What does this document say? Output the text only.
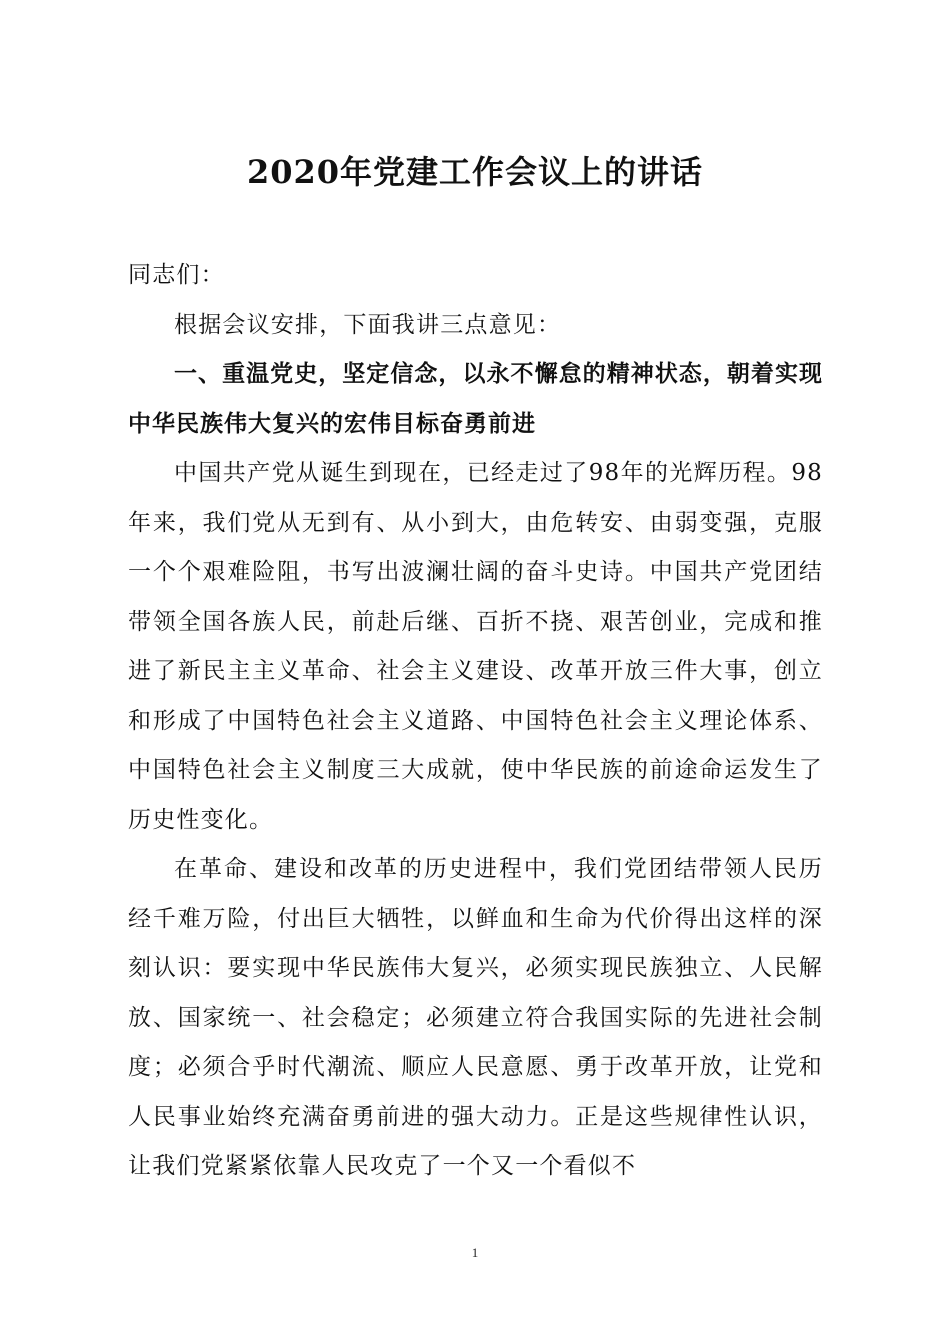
2020年党建工作会议上的讲话

同志们：

根据会议安排，下面我讲三点意见：

一、重温党史，坚定信念，以永不懈怠的精神状态，朝着实现中华民族伟大复兴的宏伟目标奋勇前进

中国共产党从诞生到现在，已经走过了98年的光辉历程。98年来，我们党从无到有、从小到大，由危转安、由弱变强，克服一个个艰难险阻，书写出波澜壮阔的奋斗史诗。中国共产党团结带领全国各族人民，前赴后继、百折不挠、艰苦创业，完成和推进了新民主主义革命、社会主义建设、改革开放三件大事，创立和形成了中国特色社会主义道路、中国特色社会主义理论体系、中国特色社会主义制度三大成就，使中华民族的前途命运发生了历史性变化。

在革命、建设和改革的历史进程中，我们党团结带领人民历经千难万险，付出巨大牺牲，以鲜血和生命为代价得出这样的深刻认识：要实现中华民族伟大复兴，必须实现民族独立、人民解放、国家统一、社会稳定；必须建立符合我国实际的先进社会制度；必须合乎时代潮流、顺应人民意愿、勇于改革开放，让党和人民事业始终充满奋勇前进的强大动力。正是这些规律性认识，让我们党紧紧依靠人民攻克了一个又一个看似不

1
